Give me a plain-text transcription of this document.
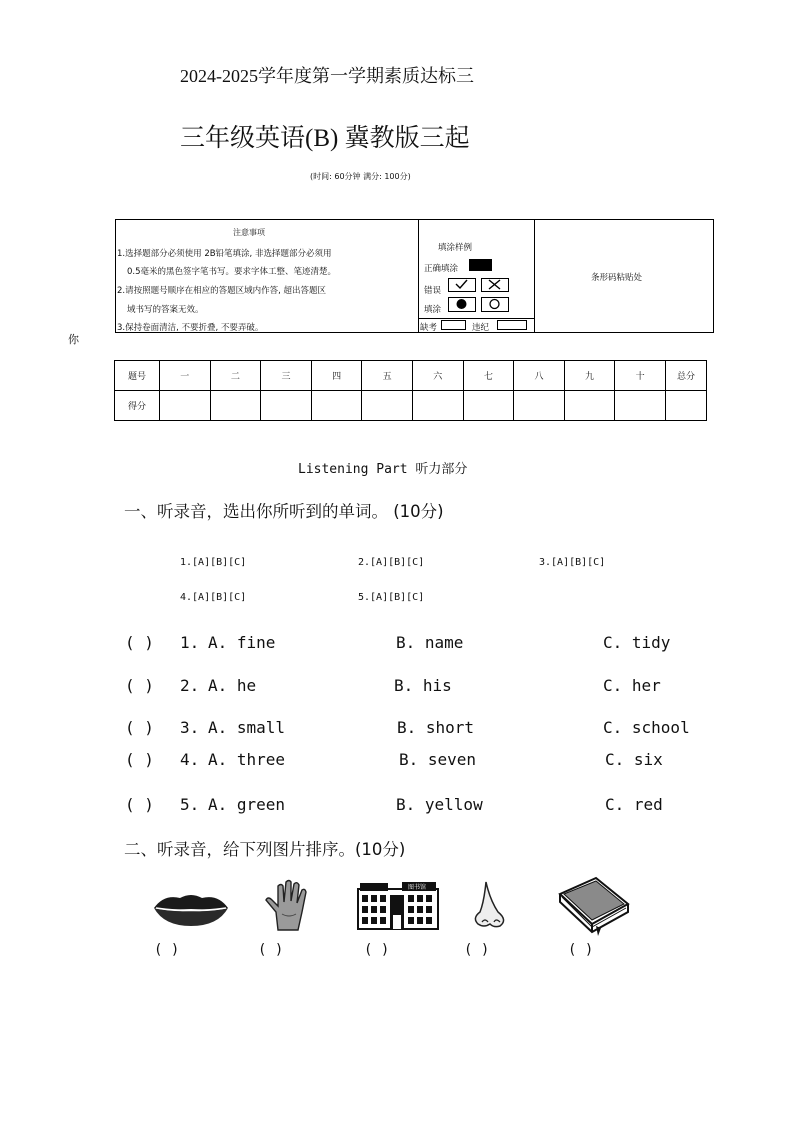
2024-2025学年度第一学期素质达标三
三年级英语(B) 冀教版三起
(时间: 60分钟 满分: 100分)
注意事项
1.选择题部分必须使用 2B铅笔填涂, 非选择题部分必须用
0.5毫米的黑色签字笔书写。要求字体工整、笔迹清楚。
2.请按照题号顺序在相应的答题区域内作答, 超出答题区
域书写的答案无效。
3.保持卷面清洁, 不要折叠, 不要弄破。
填涂样例
正确填涂
错误
填涂
缺考	违纪
条形码粘贴处
你
题号	一	二	三	四	五	六	七	八	九	十	总分
得分											
Listening Part 听力部分
一、听录音，选出你所听到的单词。 (10分)
1.[A][B][C]	2.[A][B][C]	3.[A][B][C]
4.[A][B][C]	5.[A][B][C]
( ) 1. A. fine	B. name	C. tidy
( ) 2. A. he	B. his	C. her
( ) 3. A. small	B. short	C. school
( ) 4. A. three	B. seven	C. six
( ) 5. A. green	B. yellow	C. red
二、听录音，给下列图片排序。(10分)
图书馆
( )	( )	( )	( )	( )
